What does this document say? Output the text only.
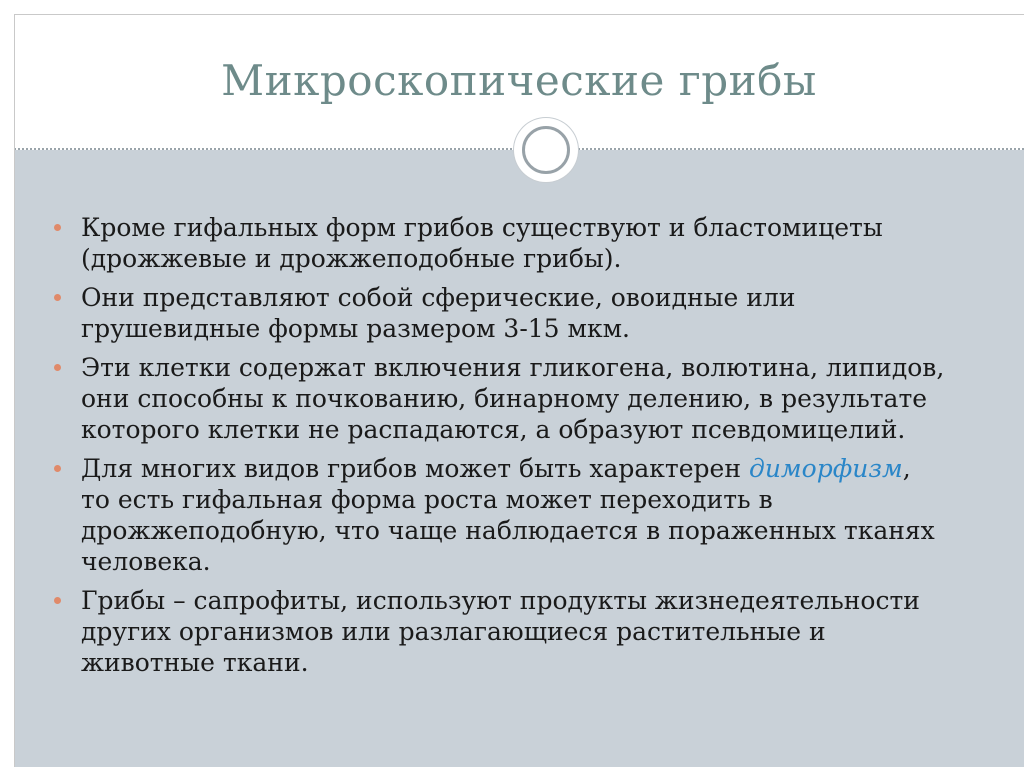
Микроскопические грибы
Кроме гифальных форм грибов существуют и бластомицеты
(дрожжевые и дрожжеподобные грибы).
Они представляют собой сферические, овоидные или
грушевидные формы размером 3-15 мкм.
Эти клетки содержат включения гликогена, волютина, липидов,
они способны к почкованию, бинарному делению, в результате
которого клетки не распадаются, а образуют псевдомицелий.
Для многих видов грибов может быть характерен диморфизм,
то есть гифальная форма роста может переходить в
дрожжеподобную, что чаще наблюдается в пораженных тканях
человека.
Грибы – сапрофиты, используют продукты жизнедеятельности
других организмов или разлагающиеся растительные и
животные ткани.
